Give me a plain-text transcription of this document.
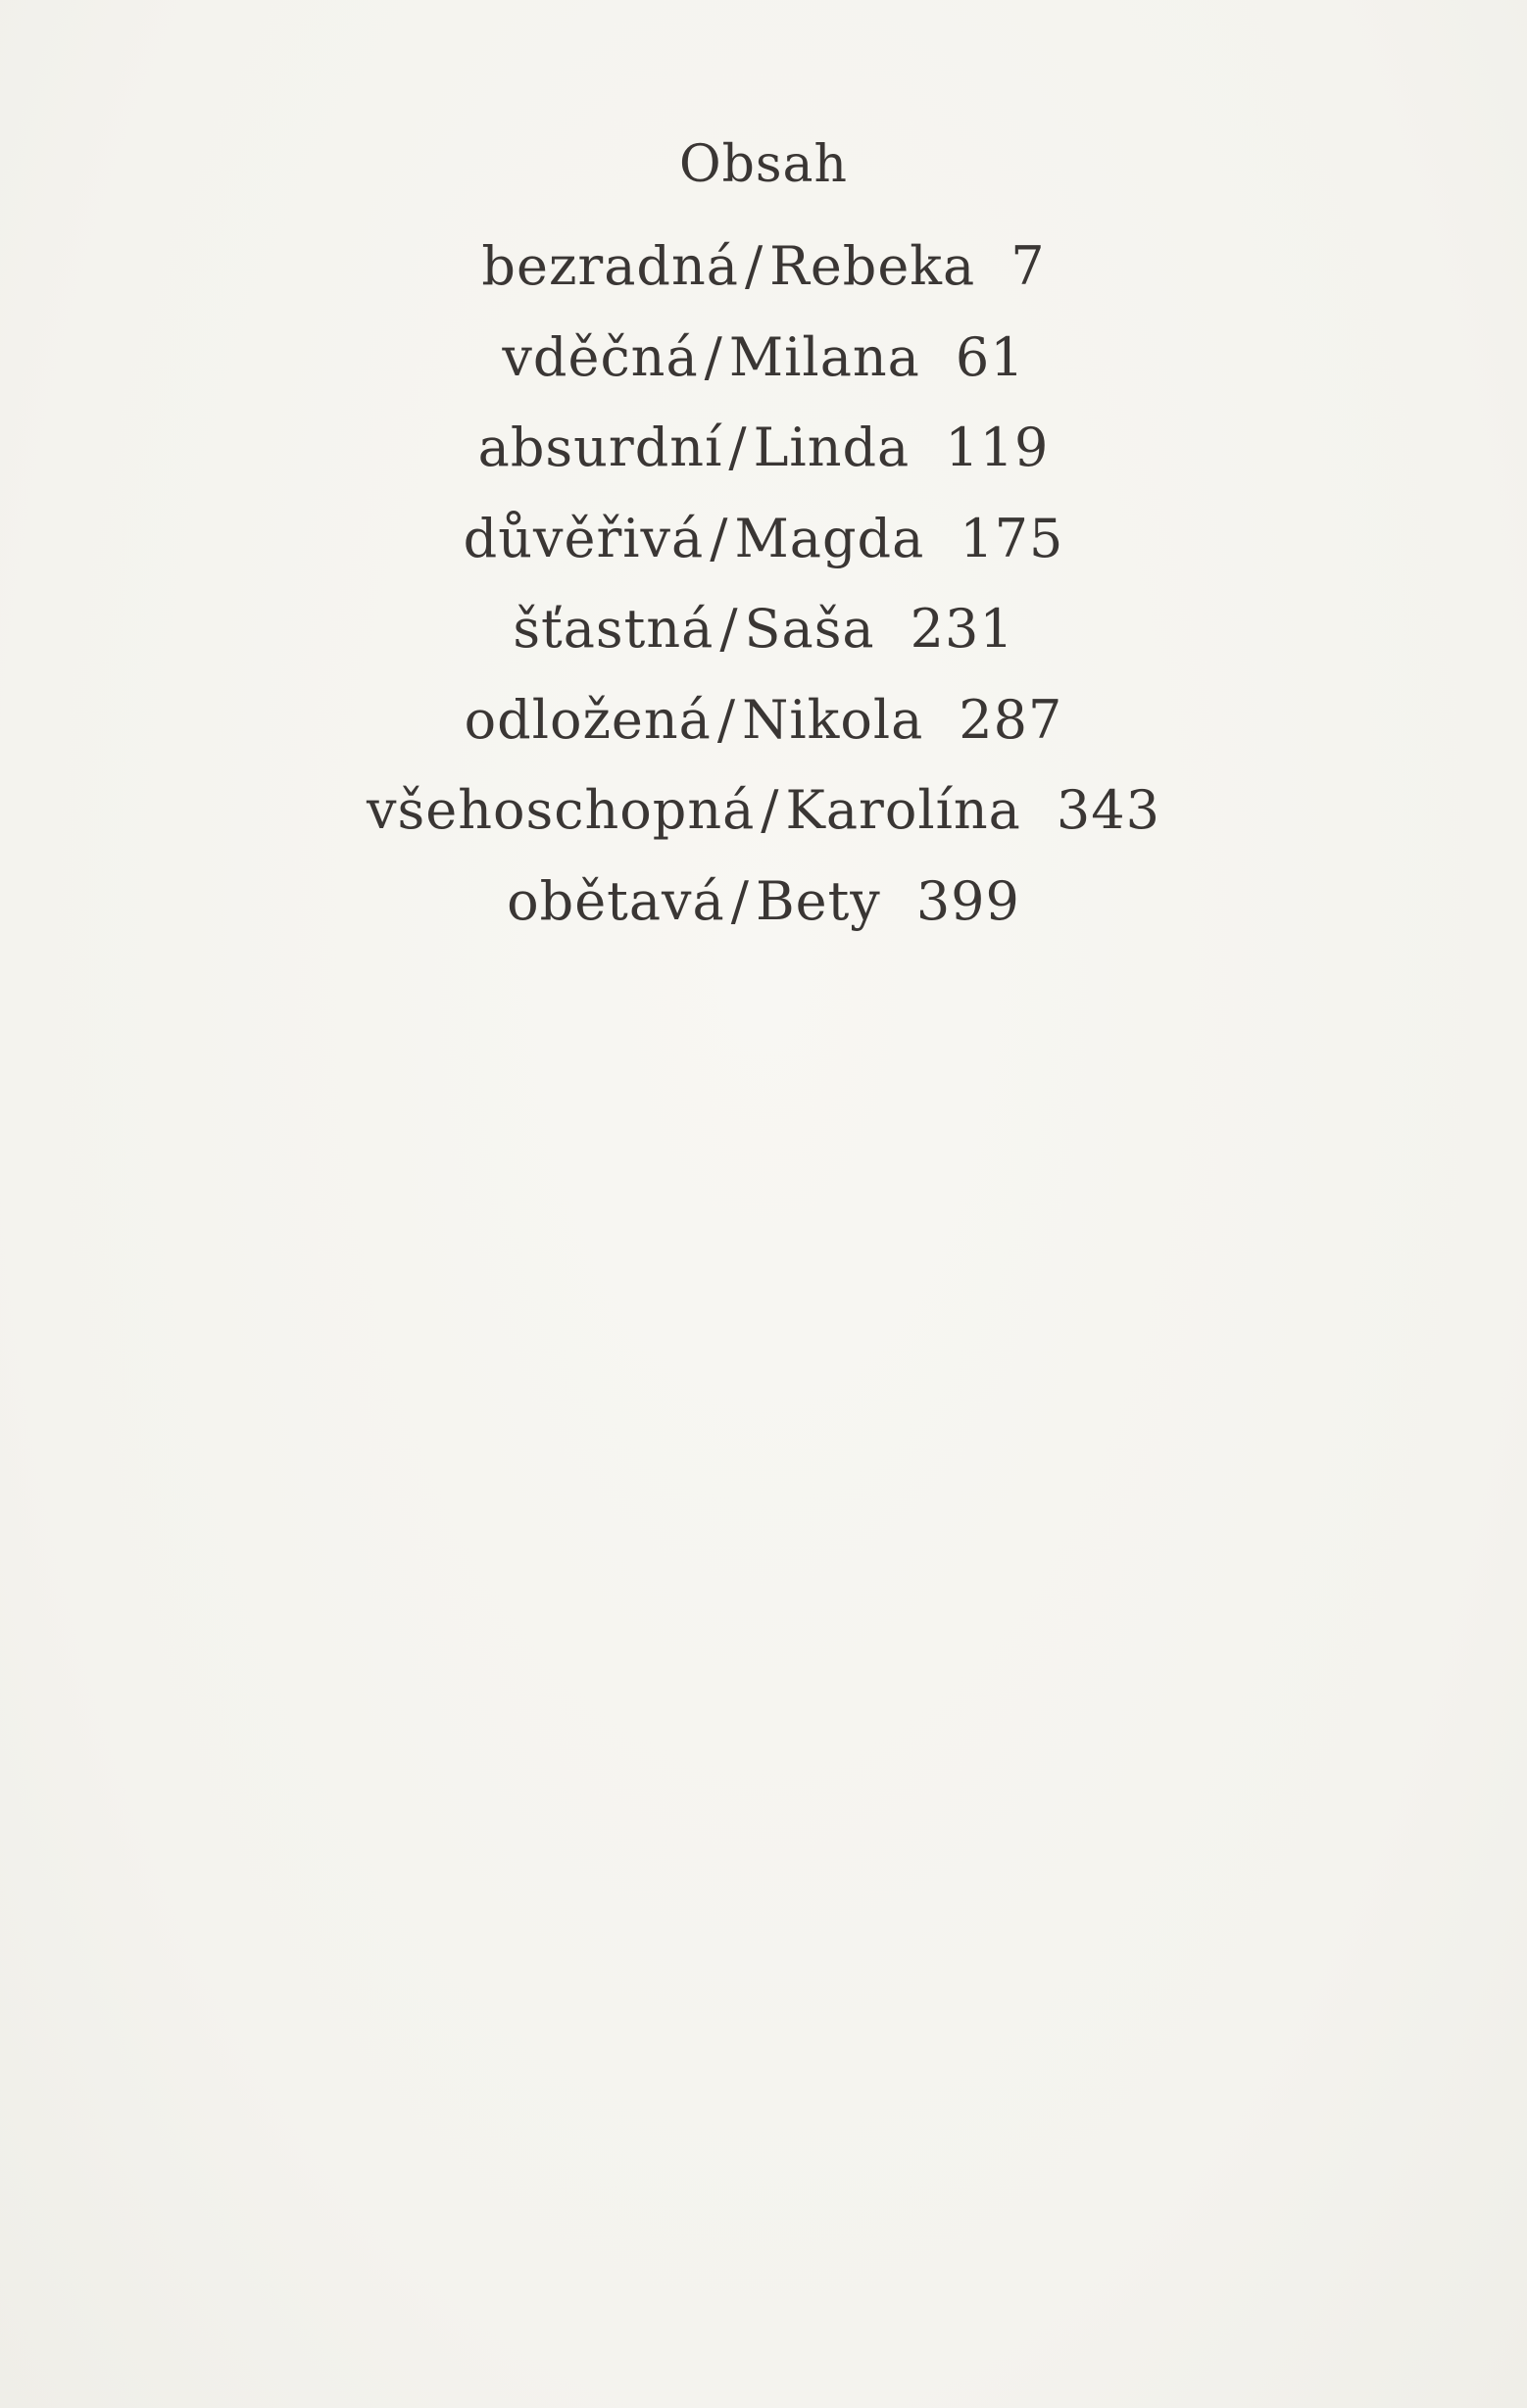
Obsah
bezradná / Rebeka 7
vděčná / Milana 61
absurdní / Linda 119
důvěřivá / Magda 175
šťastná / Saša 231
odložená / Nikola 287
všehoschopná / Karolína 343
obětavá / Bety 399
